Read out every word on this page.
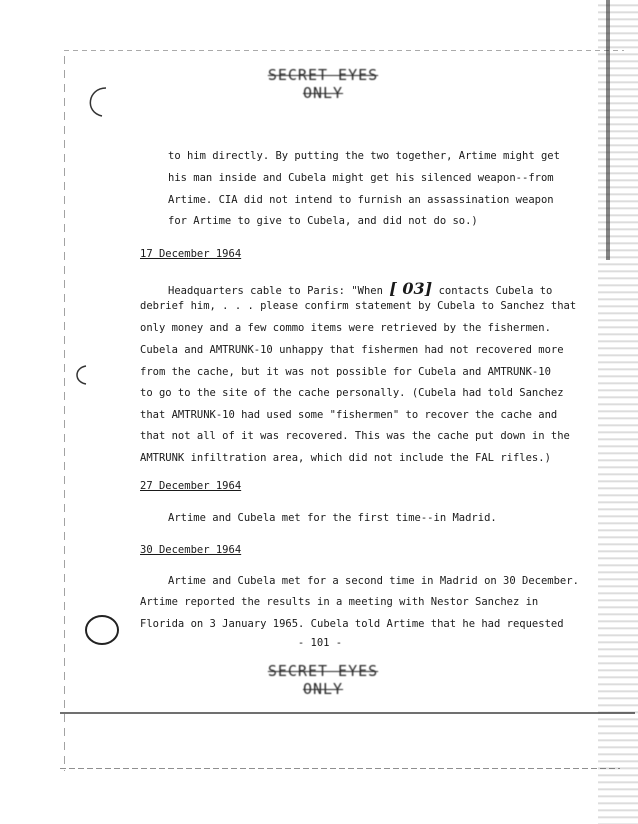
SECRET EYES ONLY
to him directly. By putting the two together, Artime might get
his man inside and Cubela might get his silenced weapon--from
Artime. CIA did not intend to furnish an assassination weapon
for Artime to give to Cubela, and did not do so.)
17 December 1964
Headquarters cable to Paris: "When [ 03] contacts Cubela to
debrief him, . . . please confirm statement by Cubela to Sanchez that
only money and a few commo items were retrieved by the fishermen.
Cubela and AMTRUNK-10 unhappy that fishermen had not recovered more
from the cache, but it was not possible for Cubela and AMTRUNK-10
to go to the site of the cache personally. (Cubela had told Sanchez
that AMTRUNK-10 had used some "fishermen" to recover the cache and
that not all of it was recovered. This was the cache put down in the
AMTRUNK infiltration area, which did not include the FAL rifles.)
27 December 1964
Artime and Cubela met for the first time--in Madrid.
30 December 1964
Artime and Cubela met for a second time in Madrid on 30 December.
Artime reported the results in a meeting with Nestor Sanchez in
Florida on 3 January 1965. Cubela told Artime that he had requested
- 101 -
SECRET EYES ONLY
